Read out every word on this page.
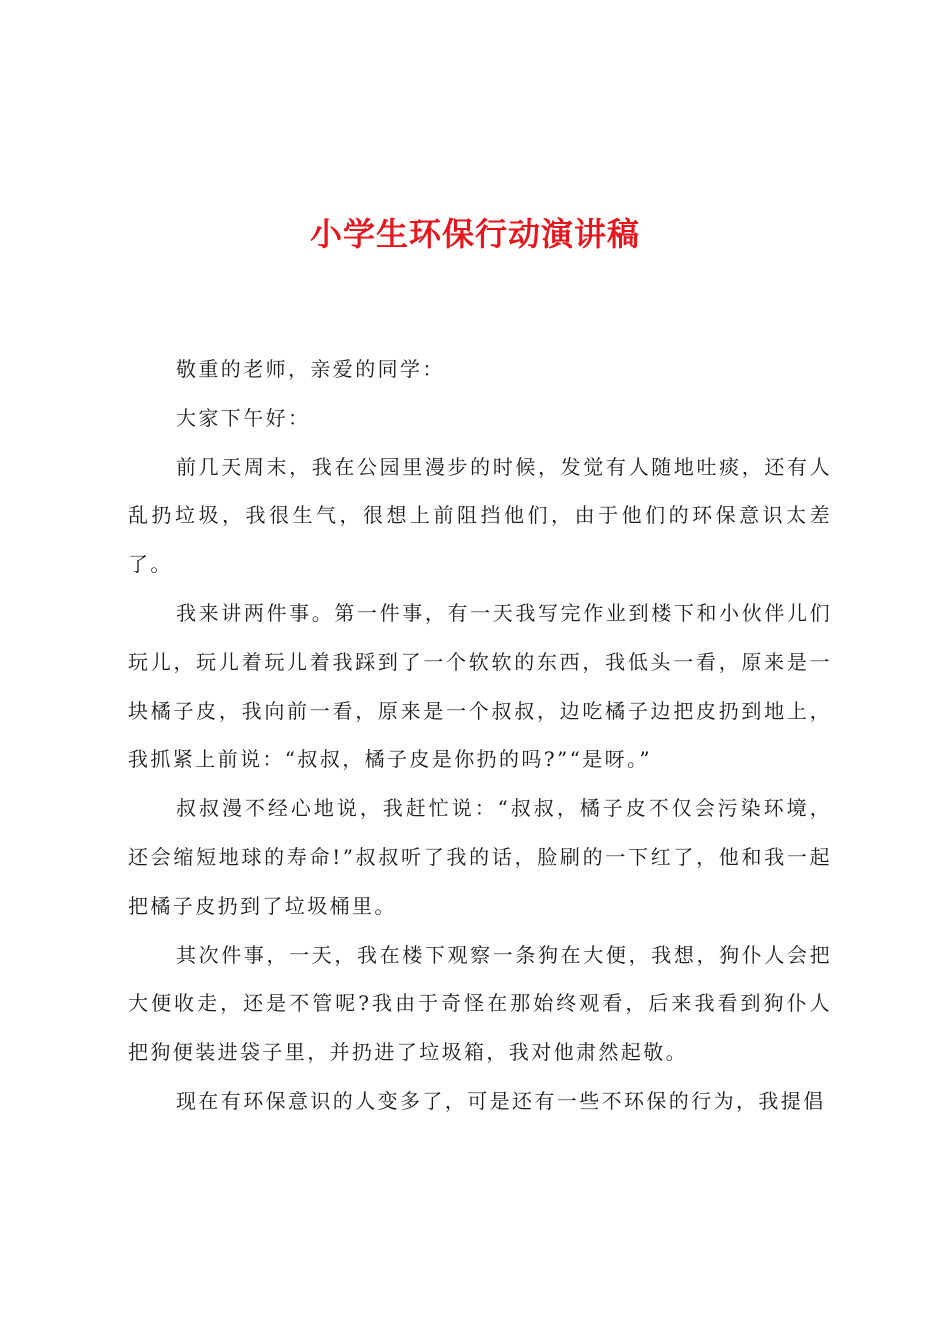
小学生环保行动演讲稿

敬重的老师，亲爱的同学：

大家下午好：

前几天周末，我在公园里漫步的时候，发觉有人随地吐痰，还有人乱扔垃圾，我很生气，很想上前阻挡他们，由于他们的环保意识太差了。

我来讲两件事。第一件事，有一天我写完作业到楼下和小伙伴儿们玩儿，玩儿着玩儿着我踩到了一个软软的东西，我低头一看，原来是一块橘子皮，我向前一看，原来是一个叔叔，边吃橘子边把皮扔到地上，我抓紧上前说：“叔叔，橘子皮是你扔的吗?”“是呀。”

叔叔漫不经心地说，我赶忙说：“叔叔，橘子皮不仅会污染环境，还会缩短地球的寿命!”叔叔听了我的话，脸刷的一下红了，他和我一起把橘子皮扔到了垃圾桶里。

其次件事，一天，我在楼下观察一条狗在大便，我想，狗仆人会把大便收走，还是不管呢?我由于奇怪在那始终观看，后来我看到狗仆人把狗便装进袋子里，并扔进了垃圾箱，我对他肃然起敬。

现在有环保意识的人变多了，可是还有一些不环保的行为，我提倡
